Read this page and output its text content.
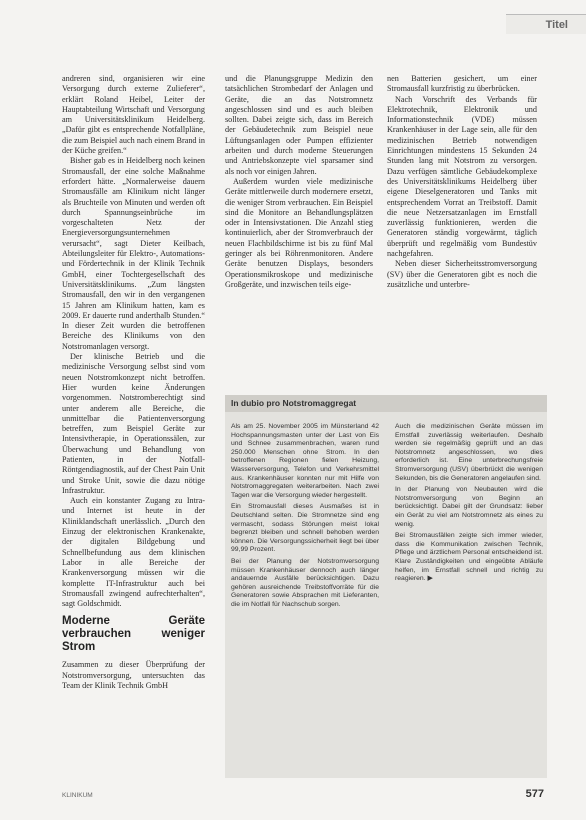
Titel

andreren sind, organisieren wir eine Versorgung durch externe Zulieferer“, erklärt Roland Heibel, Leiter der Hauptabteilung Wirtschaft und Versorgung am Universitätsklinikum Heidelberg. „Dafür gibt es entsprechende Notfallpläne, die zum Beispiel auch nach einem Brand in der Küche greifen.“

Bisher gab es in Heidelberg noch keinen Stromausfall, der eine solche Maßnahme erfordert hätte. „Normalerweise dauern Stromausfälle am Klinikum nicht länger als Bruchteile von Minuten und werden oft durch Spannungseinbrüche im vorgeschalteten Netz der Energieversorgungsunternehmen verursacht“, sagt Dieter Keilbach, Abteilungsleiter für Elektro-, Automations- und Fördertechnik in der Klinik Technik GmbH, einer Tochtergesellschaft des Universitätsklinikums. „Zum längsten Stromausfall, den wir in den vergangenen 15 Jahren am Klinikum hatten, kam es 2009. Er dauerte rund anderthalb Stunden.“ In dieser Zeit wurden die betroffenen Bereiche des Klinikums von den Notstromanlagen versorgt.

Der klinische Betrieb und die medizinische Versorgung selbst sind vom neuen Notstromkonzept nicht betroffen. Hier wurden keine Änderungen vorgenommen. Notstromberechtigt sind unter anderem alle Bereiche, die unmittelbar die Patientenversorgung betreffen, zum Beispiel Geräte zur Intensivtherapie, in Operationssälen, zur Überwachung und Behandlung von Patienten, in der Notfall-Röntgendiagnostik, auf der Chest Pain Unit und Stroke Unit, sowie die dazu nötige Infrastruktur.

Auch ein konstanter Zugang zu Intra- und Internet ist heute in der Kliniklandschaft unerlässlich. „Durch den Einzug der elektronischen Krankenakte, der digitalen Bildgebung und Schnellbefundung aus dem klinischen Labor in alle Bereiche der Krankenversorgung müssen wir die komplette IT-Infrastruktur auch bei Stromausfall zwingend aufrechterhalten“, sagt Goldschmidt.

Moderne Geräte verbrauchen weniger Strom

Zusammen zu dieser Überprüfung der Notstromversorgung, untersuchten das Team der Klinik Technik GmbH

und die Planungsgruppe Medizin den tatsächlichen Strombedarf der Anlagen und Geräte, die an das Notstromnetz angeschlossen sind und es auch bleiben sollten. Dabei zeigte sich, dass im Bereich der Gebäudetechnik zum Beispiel neue Lüftungsanlagen oder Pumpen effizienter arbeiten und durch moderne Steuerungen und Antriebskonzepte viel sparsamer sind als noch vor einigen Jahren.

Außerdem wurden viele medizinische Geräte mittlerweile durch modernere ersetzt, die weniger Strom verbrauchen. Ein Beispiel sind die Monitore an Behandlungsplätzen oder in Intensivstationen. Die Anzahl stieg kontinuierlich, aber der Stromverbrauch der neuen Flachbildschirme ist bis zu fünf Mal geringer als bei Röhrenmonitoren. Andere Geräte benutzen Displays, besonders Operationsmikroskope und medizinische Großgeräte, und inzwischen teils eige-

nen Batterien gesichert, um einer Stromausfall kurzfristig zu überbrücken.

Nach Vorschrift des Verbands für Elektrotechnik, Elektronik und Informationstechnik (VDE) müssen Krankenhäuser in der Lage sein, alle für den medizinischen Betrieb notwendigen Einrichtungen mindestens 15 Sekunden 24 Stunden lang mit Notstrom zu versorgen. Dazu verfügen sämtliche Gebäudekomplexe des Universitätsklinikums Heidelberg über eigene Dieselgeneratoren und Tanks mit entsprechendem Vorrat an Treibstoff. Damit die neue Netzersatzanlagen im Ernstfall zuverlässig funktionieren, werden die Generatoren ständig vorgewärmt, täglich überprüft und regelmäßig vom Bundestüv nachgefahren.

Neben dieser Sicherheitsstromversorgung (SV) über die Generatoren gibt es noch die zusätzliche und unterbre-

In dubio pro Notstromaggregat

Als am 25. November 2005 im Münsterland 42 Hochspannungsmasten unter der Last von Eis und Schnee zusammenbrachen, waren rund 250.000 Menschen ohne Strom. In den betroffenen Regionen fielen Heizung, Wasserversorgung, Telefon und Verkehrsmittel aus. Krankenhäuser konnten nur mit Hilfe von Notstromaggregaten weiterarbeiten. Nach zwei Tagen war die Versorgung wieder hergestellt.

Ein Stromausfall dieses Ausmaßes ist in Deutschland selten. Die Stromnetze sind eng vermascht, sodass Störungen meist lokal begrenzt bleiben und schnell behoben werden können. Die Versorgungssicherheit liegt bei über 99,99 Prozent.

Bei der Planung der Notstromversorgung müssen Krankenhäuser dennoch auch länger andauernde Ausfälle berücksichtigen. Dazu gehören ausreichende Treibstoffvorräte für die Generatoren sowie Absprachen mit Lieferanten, die im Notfall für Nachschub sorgen.

Auch die medizinischen Geräte müssen im Ernstfall zuverlässig weiterlaufen. Deshalb werden sie regelmäßig geprüft und an das Notstromnetz angeschlossen, wo dies erforderlich ist. Eine unterbrechungsfreie Stromversorgung (USV) überbrückt die wenigen Sekunden, bis die Generatoren angelaufen sind.

In der Planung von Neubauten wird die Notstromversorgung von Beginn an berücksichtigt. Dabei gilt der Grundsatz: lieber ein Gerät zu viel am Notstromnetz als eines zu wenig.

Bei Stromausfällen zeigte sich immer wieder, dass die Kommunikation zwischen Technik, Pflege und ärztlichem Personal entscheidend ist. Klare Zuständigkeiten und eingeübte Abläufe helfen, im Ernstfall schnell und richtig zu reagieren. ▶

KLINIKUM	577
